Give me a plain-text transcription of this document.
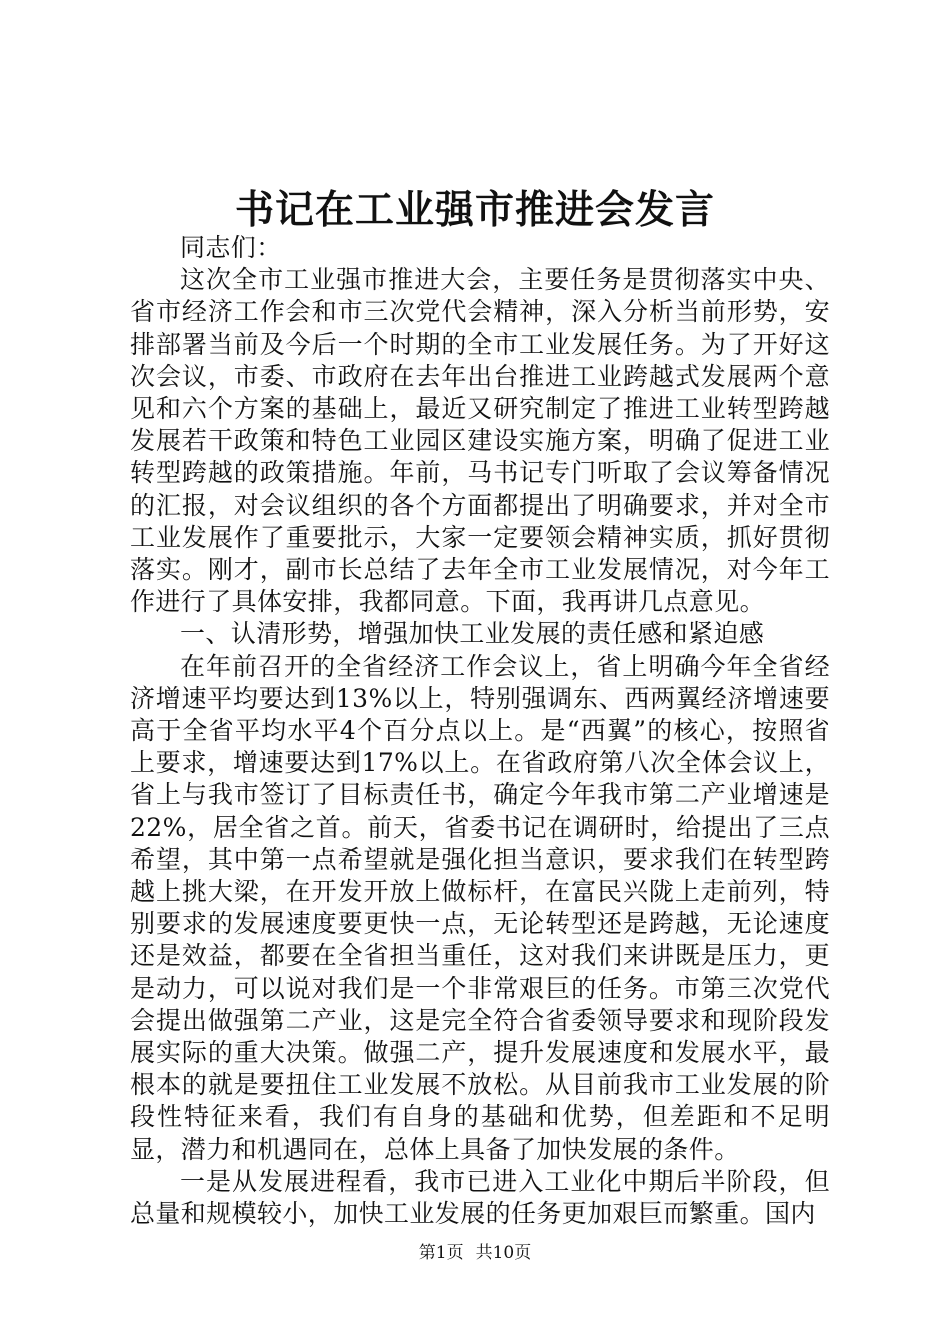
书记在工业强市推进会发言

同志们：

这次全市工业强市推进大会，主要任务是贯彻落实中央、省市经济工作会和市三次党代会精神，深入分析当前形势，安排部署当前及今后一个时期的全市工业发展任务。为了开好这次会议，市委、市政府在去年出台推进工业跨越式发展两个意见和六个方案的基础上，最近又研究制定了推进工业转型跨越发展若干政策和特色工业园区建设实施方案，明确了促进工业转型跨越的政策措施。年前，马书记专门听取了会议筹备情况的汇报，对会议组织的各个方面都提出了明确要求，并对全市工业发展作了重要批示，大家一定要领会精神实质，抓好贯彻落实。刚才，副市长总结了去年全市工业发展情况，对今年工作进行了具体安排，我都同意。下面，我再讲几点意见。

一、认清形势，增强加快工业发展的责任感和紧迫感

在年前召开的全省经济工作会议上，省上明确今年全省经济增速平均要达到13%以上，特别强调东、西两翼经济增速要高于全省平均水平4个百分点以上。是“西翼”的核心，按照省上要求，增速要达到17%以上。在省政府第八次全体会议上，省上与我市签订了目标责任书，确定今年我市第二产业增速是22%，居全省之首。前天，省委书记在调研时，给提出了三点希望，其中第一点希望就是强化担当意识，要求我们在转型跨越上挑大梁，在开发开放上做标杆，在富民兴陇上走前列，特别要求的发展速度要更快一点，无论转型还是跨越，无论速度还是效益，都要在全省担当重任，这对我们来讲既是压力，更是动力，可以说对我们是一个非常艰巨的任务。市第三次党代会提出做强第二产业，这是完全符合省委领导要求和现阶段发展实际的重大决策。做强二产，提升发展速度和发展水平，最根本的就是要扭住工业发展不放松。从目前我市工业发展的阶段性特征来看，我们有自身的基础和优势，但差距和不足明显，潜力和机遇同在，总体上具备了加快发展的条件。

一是从发展进程看，我市已进入工业化中期后半阶段，但总量和规模较小，加快工业发展的任务更加艰巨而繁重。国内

第1页 共10页
